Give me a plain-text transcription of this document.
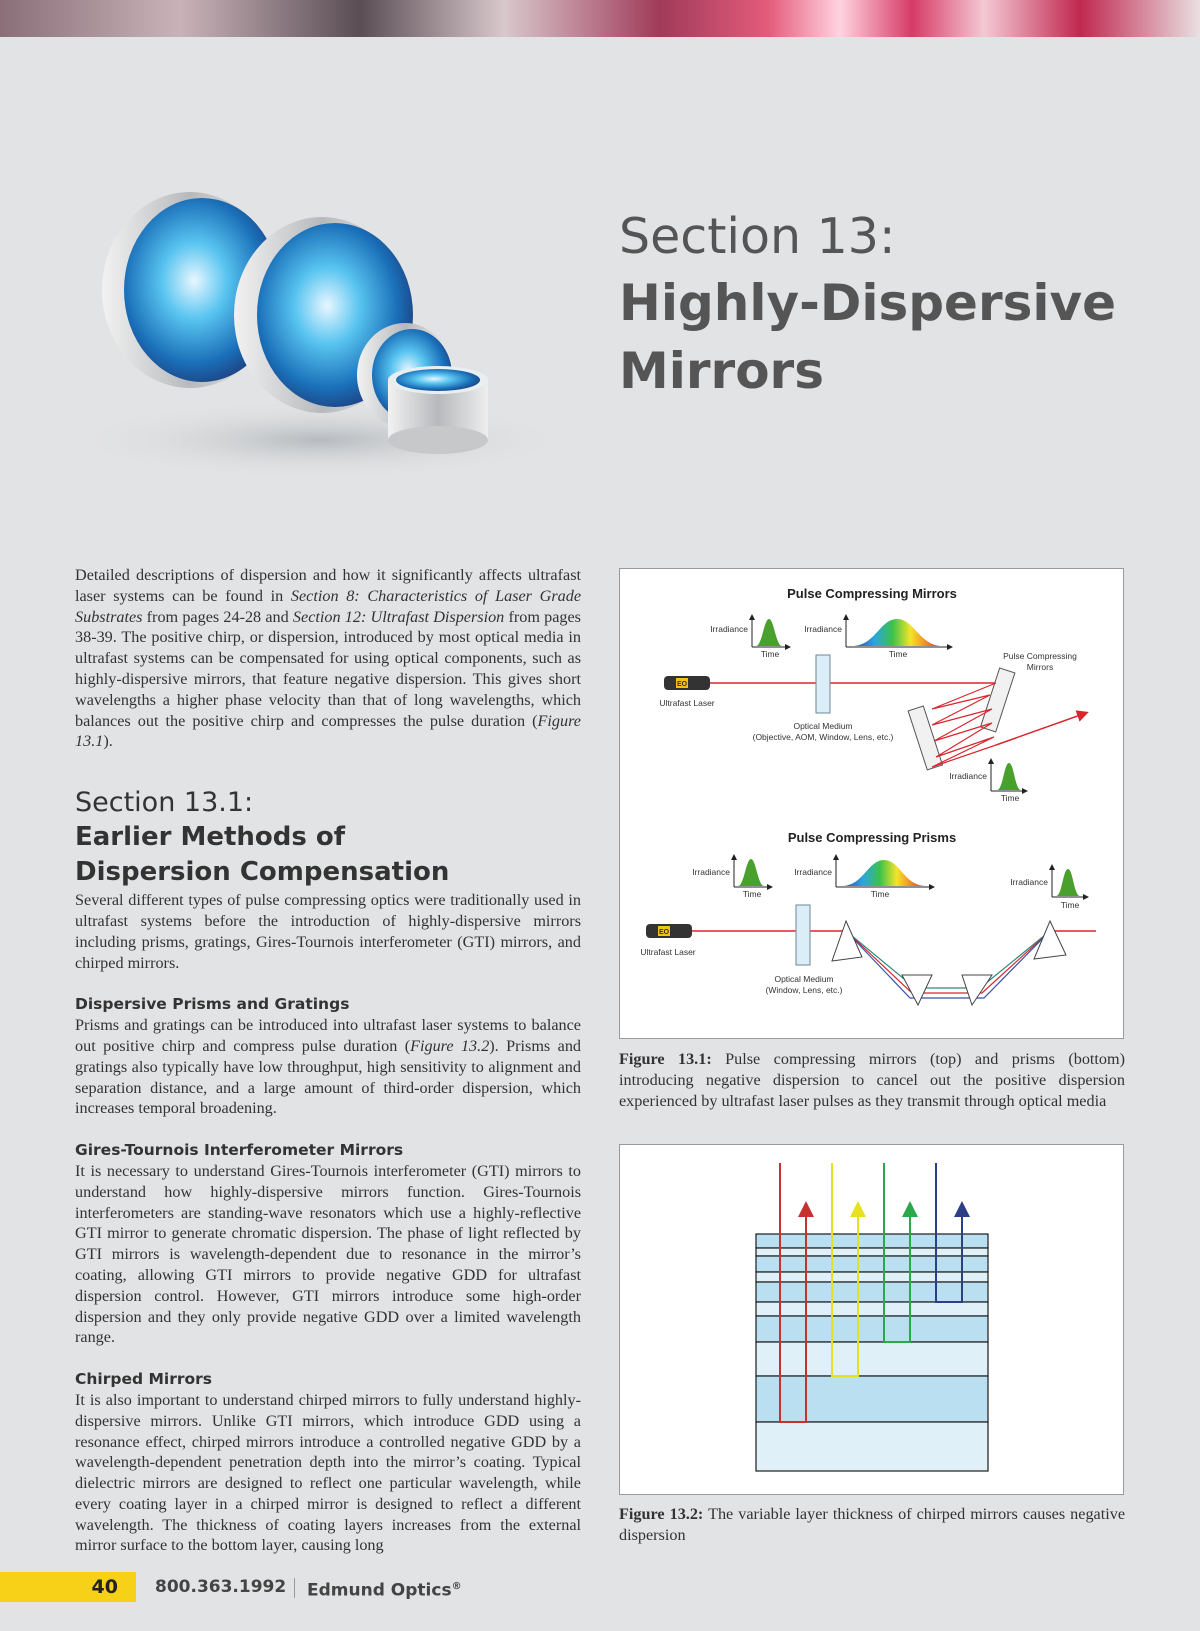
Section 13:
Highly-Dispersive
Mirrors

Detailed descriptions of dispersion and how it significantly affects ultrafast laser systems can be found in Section 8: Characteristics of Laser Grade Substrates from pages 24-28 and Section 12: Ultrafast Dispersion from pages 38-39. The positive chirp, or dispersion, introduced by most optical media in ultrafast systems can be compensated for using optical components, such as highly-dispersive mirrors, that feature negative dispersion. This gives short wavelengths a higher phase velocity than that of long wavelengths, which balances out the positive chirp and compresses the pulse duration (Figure 13.1).

Section 13.1:
Earlier Methods of
Dispersion Compensation

Several different types of pulse compressing optics were traditionally used in ultrafast systems before the introduction of highly-dispersive mirrors including prisms, gratings, Gires-Tournois interferometer (GTI) mirrors, and chirped mirrors.

Dispersive Prisms and Gratings

Prisms and gratings can be introduced into ultrafast laser systems to balance out positive chirp and compress pulse duration (Figure 13.2). Prisms and gratings also typically have low throughput, high sensitivity to alignment and separation distance, and a large amount of third-order dispersion, which increases temporal broadening.

Gires-Tournois Interferometer Mirrors

It is necessary to understand Gires-Tournois interferometer (GTI) mirrors to understand how highly-dispersive mirrors function. Gires-Tournois interferometers are standing-wave resonators which use a highly-reflective GTI mirror to generate chromatic dispersion. The phase of light reflected by GTI mirrors is wavelength-dependent due to resonance in the mirror’s coating, allowing GTI mirrors to provide negative GDD for ultrafast dispersion control. However, GTI mirrors introduce some high-order dispersion and they only provide negative GDD over a limited wavelength range.

Chirped Mirrors

It is also important to understand chirped mirrors to fully understand highly-dispersive mirrors. Unlike GTI mirrors, which introduce GDD using a resonance effect, chirped mirrors introduce a controlled negative GDD by a wavelength-dependent penetration depth into the mirror’s coating. Typical dielectric mirrors are designed to reflect one particular wavelength, while every coating layer in a chirped mirror is designed to reflect a different wavelength. The thickness of coating layers increases from the external mirror surface to the bottom layer, causing long

Pulse Compressing Mirrors
Irradiance
Time
Irradiance
Time
EO
Ultrafast Laser
Optical Medium
(Objective, AOM, Window, Lens, etc.)
Pulse Compressing
Mirrors
Irradiance
Time
Pulse Compressing Prisms
Irradiance
Time
Irradiance
Time
Irradiance
Time
EO
Ultrafast Laser
Optical Medium
(Window, Lens, etc.)
Figure 13.1: Pulse compressing mirrors (top) and prisms (bottom) introducing negative dispersion to cancel out the positive dispersion experienced by ultrafast laser pulses as they transmit through optical media
Figure 13.2: The variable layer thickness of chirped mirrors causes negative dispersion
40	800.363.1992 Edmund Optics®
